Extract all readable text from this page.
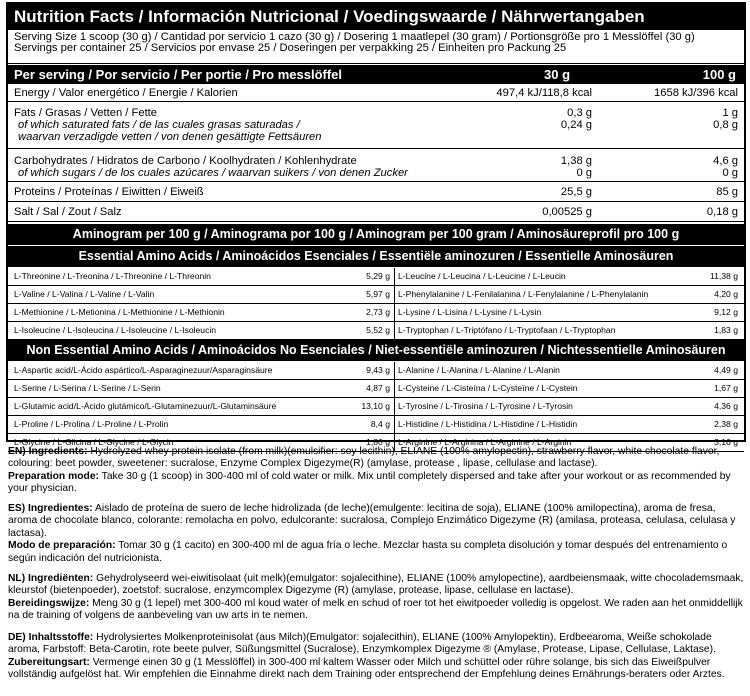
Nutrition Facts / Información Nutricional / Voedingswaarde / Nährwertangaben
Serving Size 1 scoop (30 g) / Cantidad por servicio 1 cazo (30 g) / Dosering 1 maatlepel (30 gram) / Portionsgröße pro 1 Messlöffel (30 g)
Servings per container 25 / Servicios por envase 25 / Doseringen per verpakking 25 / Einheiten pro Packung 25
Per serving / Por servicio / Per portie / Pro messlöffel	30 g	100 g
Energy / Valor energético / Energie / Kalorien	497,4 kJ/118,8 kcal	1658 kJ/396 kcal
Fats / Grasas / Vetten / Fette	0,3 g	1 g
of which saturated fats / de las cuales grasas saturadas /
waarvan verzadigde vetten / von denen gesättigte Fettsäuren
0,24 g	0,8 g
Carbohydrates / Hidratos de Carbono / Koolhydraten / Kohlenhydrate	1,38 g	4,6 g
of which sugars / de los cuales azúcares / waarvan suikers / von denen Zucker	0 g	0 g
Proteins / Proteínas / Eiwitten / Eiweiß	25,5 g	85 g
Salt / Sal / Zout / Salz	0,00525 g	0,18 g
Aminogram per 100 g / Aminograma por 100 g / Aminogram per 100 gram / Aminosäureprofil pro 100 g
Essential Amino Acids / Aminoácidos Esenciales / Essentiële aminozuren / Essentielle Aminosäuren
L-Threonine / L-Treonina / L-Threonine / L-Threonin	5,29 g L-Leucine / L-Leucina / L-Leucine / L-Leucin	11,38 g
L-Valine / L-Valina / L-Valine / L-Valin	5,97 g L-Phenylalanine / L-Fenilalanina / L-Fenylalanine / L-Phenylalanin	4,20 g
L-Methionine / L-Metionina / L-Methionine / L-Methionin	2,73 g L-Lysine / L-Lisina / L-Lysine / L-Lysin	9,12 g
L-Isoleucine / L-Isoleucina / L-Isoleucine / L-Isoleucin	5,52 g L-Tryptophan / L-Triptófano / L-Tryptofaan / L-Tryptophan	1,83 g
Non Essential Amino Acids / Aminoácidos No Esenciales / Niet-essentiële aminozuren / Nichtessentielle Aminosäuren
L-Aspartic acid/L-Ácido aspártico/L-Asparaginezuur/Asparaginsäure	9,43 g L-Alanine / L-Alanina / L-Alanine / L-Alanin	4,49 g
L-Serine / L-Serina / L-Serine / L-Serin	4,87 g L-Cysteine / L-Cisteína / L-Cysteïne / L-Cystein	1,67 g
L-Glutamic acid/L-Ácido glutámico/L-Glutaminezuur/L-Glutaminsäure	13,10 g L-Tyrosine / L-Tirosina / L-Tyrosine / L-Tyrosin	4,36 g
L-Proline / L-Prolina / L-Proline / L-Prolin	8,4 g L-Histidine / L-Histidina / L-Histidine / L-Histidin	2,38 g
L-Glycine / L-Glicina / L-Glycine / L-Glycin	1,86 g L-Arginine / L-Arginina / L-Arginine / L-Arginin	3,16 g
EN) Ingredients: Hydrolyzed whey protein isolate (from milk)(emulsifier: soy lecithin), ELIANE (100% amylopectin), strawberry flavor, white chocolate flavor, colouring: beet powder, sweetener: sucralose, Enzyme Complex Digezyme(R) (amylase, protease , lipase, cellulase and lactase).
Preparation mode: Take 30 g (1 scoop) in 300-400 ml of cold water or milk. Mix until completely dispersed and take after your workout or as recommended by your physician.
ES) Ingredientes: Aislado de proteína de suero de leche hidrolizada (de leche)(emulgente: lecitina de soja), ELIANE (100% amilopectina), aroma de fresa, aroma de chocolate blanco, colorante: remolacha en polvo, edulcorante: sucralosa, Complejo Enzimático Digezyme (R) (amilasa, proteasa, celulasa, celulasa y lactasa).
Modo de preparación: Tomar 30 g (1 cacito) en 300-400 ml de agua fría o leche. Mezclar hasta su completa disolución y tomar después del entrenamiento o según indicación del nutricionista.
NL) Ingrediënten: Gehydrolyseerd wei-eiwitisolaat (uit melk)(emulgator: sojalecithine), ELIANE (100% amylopectine), aardbeiensmaak, witte chocolademsmaak, kleurstof (bietenpoeder), zoetstof: sucralose, enzymcomplex Digezyme (R) (amylase, protease, lipase, cellulase en lactase).
Bereidingswijze: Meng 30 g (1 lepel) met 300-400 ml koud water of melk en schud of roer tot het eiwitpoeder volledig is opgelost. We raden aan het onmiddellijk na de training of volgens de aanbeveling van uw arts in te nemen.
DE) Inhaltsstoffe: Hydrolysiertes Molkenproteinisolat (aus Milch)(Emulgator: sojalecithin), ELIANE (100% Amylopektin), Erdbeearoma, Weiße schokolade aroma, Farbstoff: Beta-Carotin, rote beete pulver, Süßungsmittel (Sucralose), Enzymkomplex Digezyme ® (Amylase, Protease, Lipase, Cellulase, Laktase).
Zubereitungsart: Vermenge einen 30 g (1 Messlöffel) in 300-400 ml kaltem Wasser oder Milch und schüttel oder rühre solange, bis sich das Eiweißpulver vollständig aufgelöst hat. Wir empfehlen die Einnahme direkt nach dem Training oder entsprechend der Empfehlung deines Ernährungs-beraters oder Arztes.
